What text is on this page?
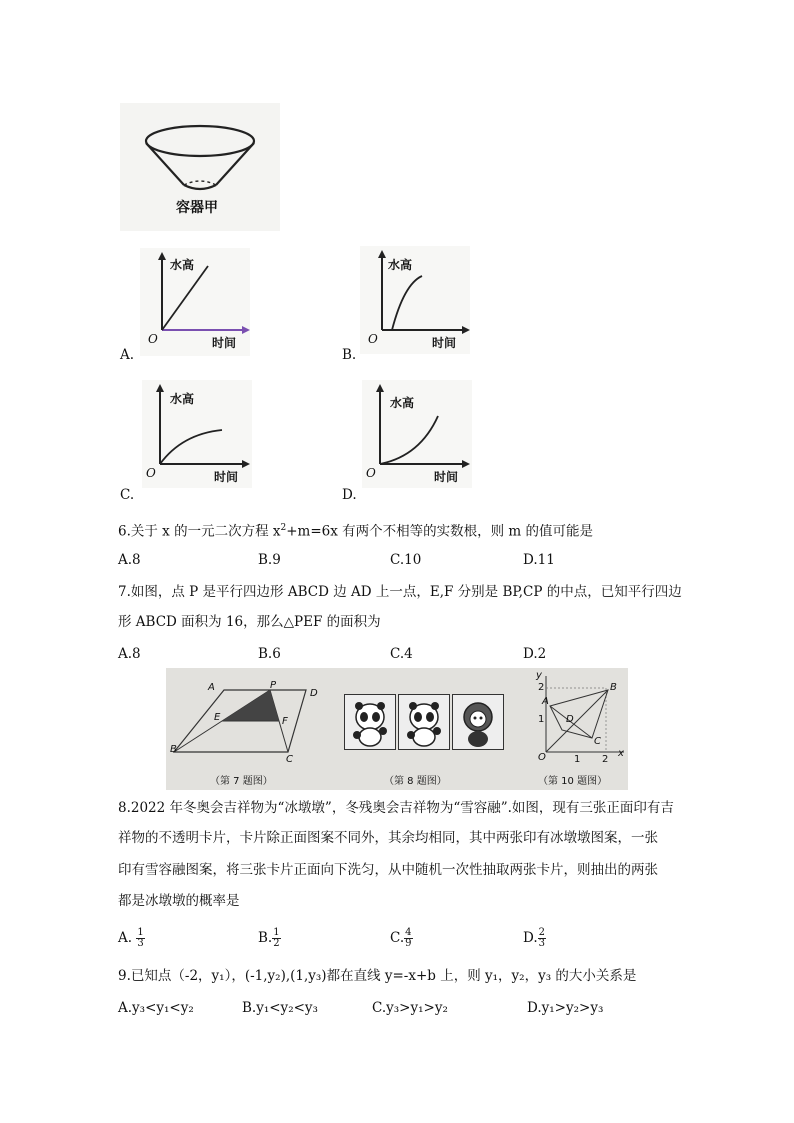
容器甲
水高
O	时间
A.
水高
O	时间
B.
水高
O	时间
C.
水高
O	时间
D.
6.关于 x 的一元二次方程 $x^2+m=6x$ 有两个不相等的实数根，则 m 的值可能是
A.8	B.9	C.10	D.11
7.如图，点 P 是平行四边形 ABCD 边 AD 上一点，E,F 分别是 BP,CP 的中点，已知平行四边
形 ABCD 面积为 16，那么△PEF 的面积为
A.8	B.6	C.4	D.2
A	P
D
E	F
B
C
（第 7 题图）	（第 8 题图）
y
2
1
A
B
D
C
O	1 2
x
（第 10 题图）
8.2022 年冬奥会吉祥物为“冰墩墩”，冬残奥会吉祥物为“雪容融”.如图，现有三张正面印有吉
祥物的不透明卡片，卡片除正面图案不同外，其余均相同，其中两张印有冰墩墩图案，一张
印有雪容融图案，将三张卡片正面向下洗匀，从中随机一次性抽取两张卡片，则抽出的两张
都是冰墩墩的概率是
A. $\frac{1}{3}$	B. $\frac{1}{2}$	C. $\frac{4}{9}$	D. $\frac{2}{3}$
9.已知点（-2，y₁），(-1,y₂),(1,y₃)都在直线 y=-x+b 上，则 y₁，y₂，y₃ 的大小关系是
A.y₃<y₁<y₂	B.y₁<y₂<y₃	C.y₃>y₁>y₂	D.y₁>y₂>y₃
